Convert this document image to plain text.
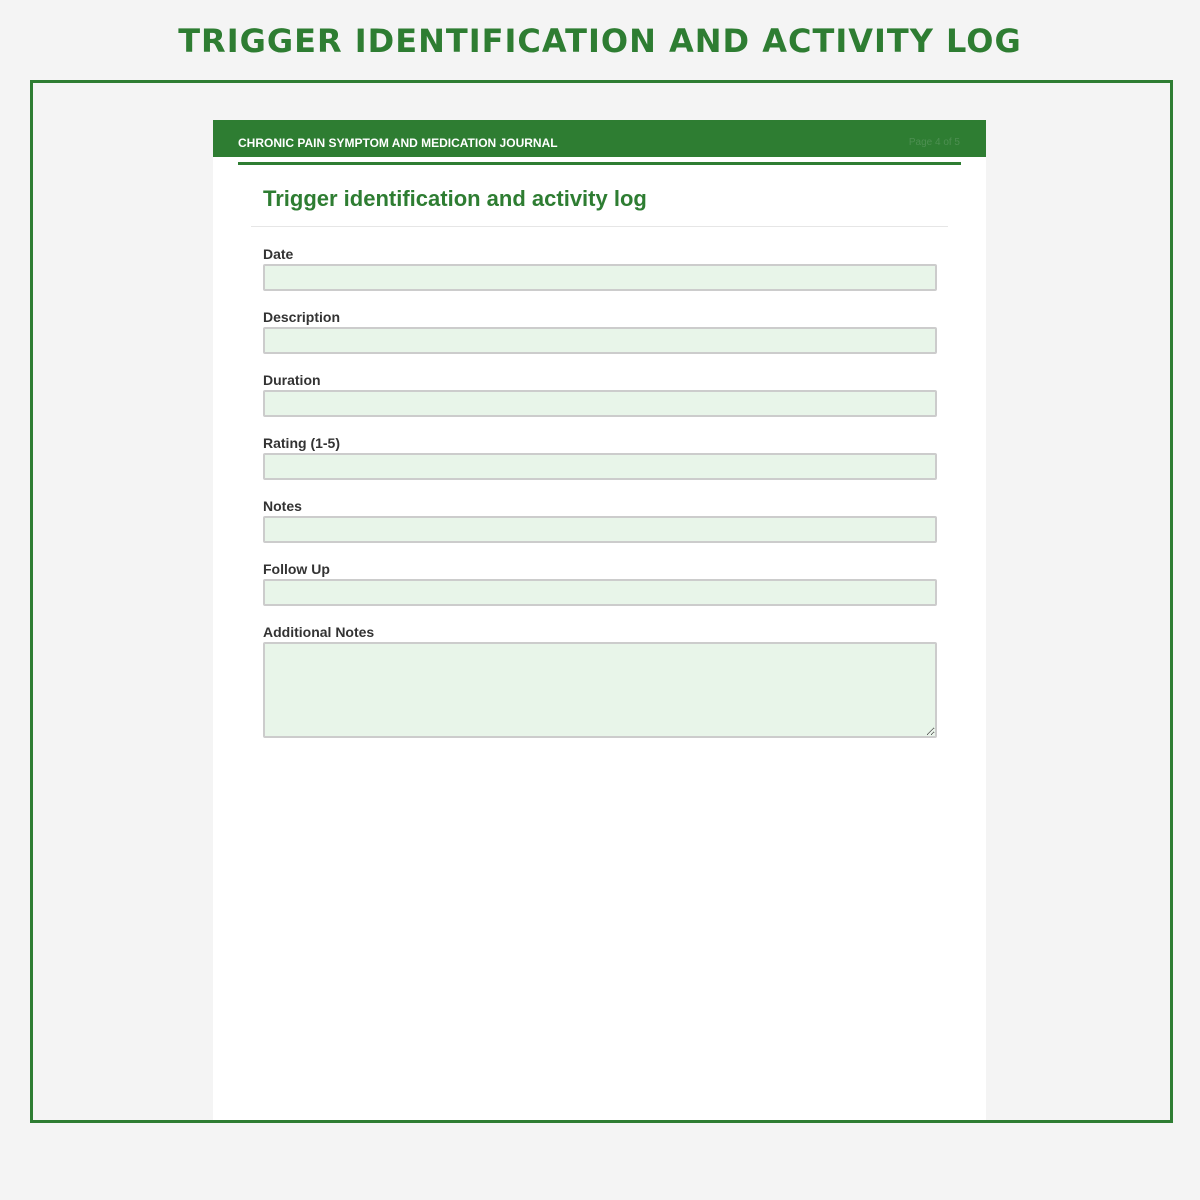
TRIGGER IDENTIFICATION AND ACTIVITY LOG
CHRONIC PAIN SYMPTOM AND MEDICATION JOURNAL	Page 4 of 5
Trigger identification and activity log
Date
Description
Duration
Rating (1-5)
Notes
Follow Up
Additional Notes
